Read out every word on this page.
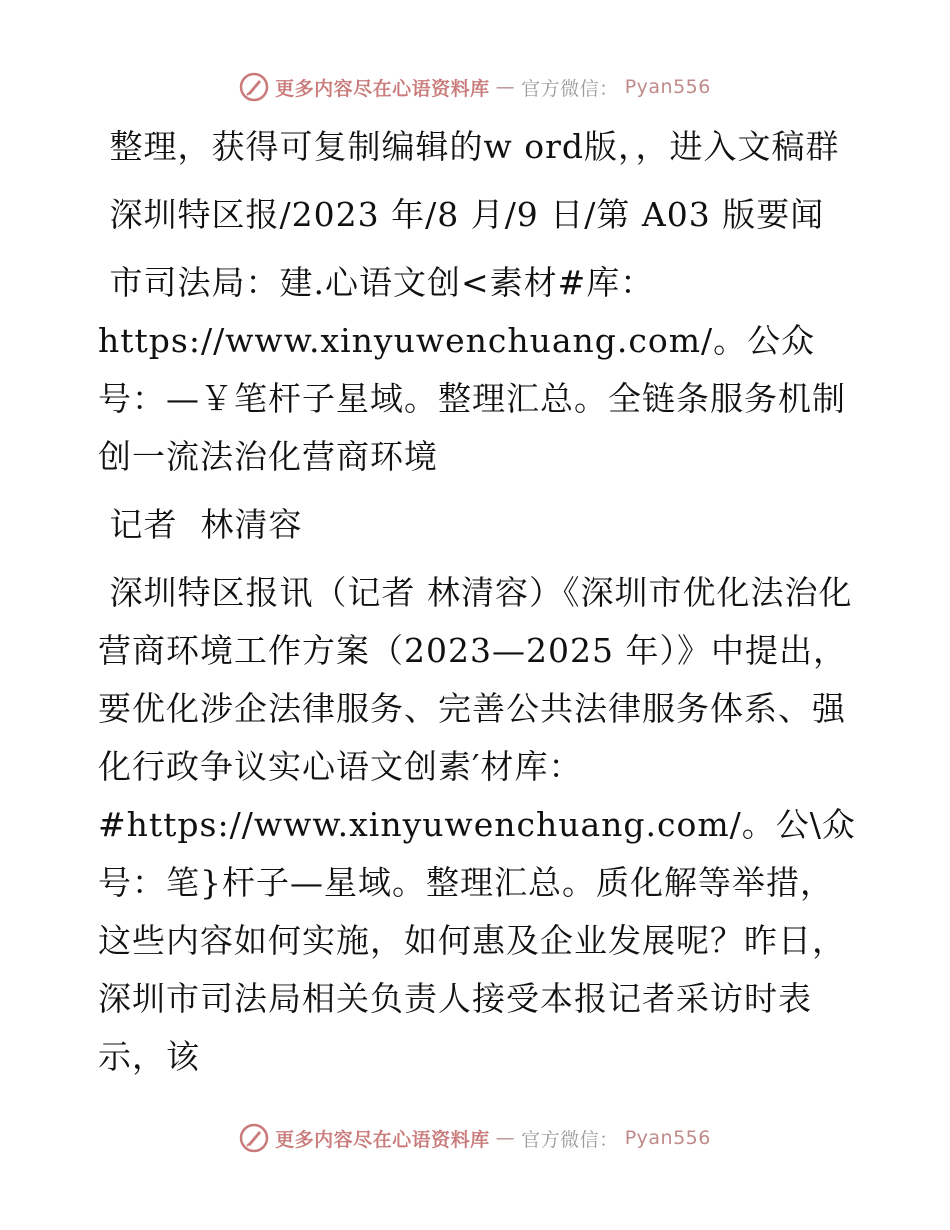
更多内容尽在心语资料库 — 官方微信： Pyan556

整理，获得可复制编辑的w ord版，，进入文稿群

深圳特区报/2023 年/8 月/9 日/第 A03 版要闻

市司法局：建.心语文创<素材#库：https://www.xinyuwenchuang.com/。公众号：—￥笔杆子星域。整理汇总。全链条服务机制  创一流法治化营商环境

记者  林清容

深圳特区报讯（记者 林清容）《深圳市优化法治化营商环境工作方案（2023—2025 年）》中提出，要优化涉企法律服务、完善公共法律服务体系、强化行政争议实心语文创素′材库：#https://www.xinyuwenchuang.com/。公\众号：笔}杆子—星域。整理汇总。质化解等举措，这些内容如何实施，如何惠及企业发展呢？昨日，深圳市司法局相关负责人接受本报记者采访时表示，该

更多内容尽在心语资料库 — 官方微信： Pyan556
